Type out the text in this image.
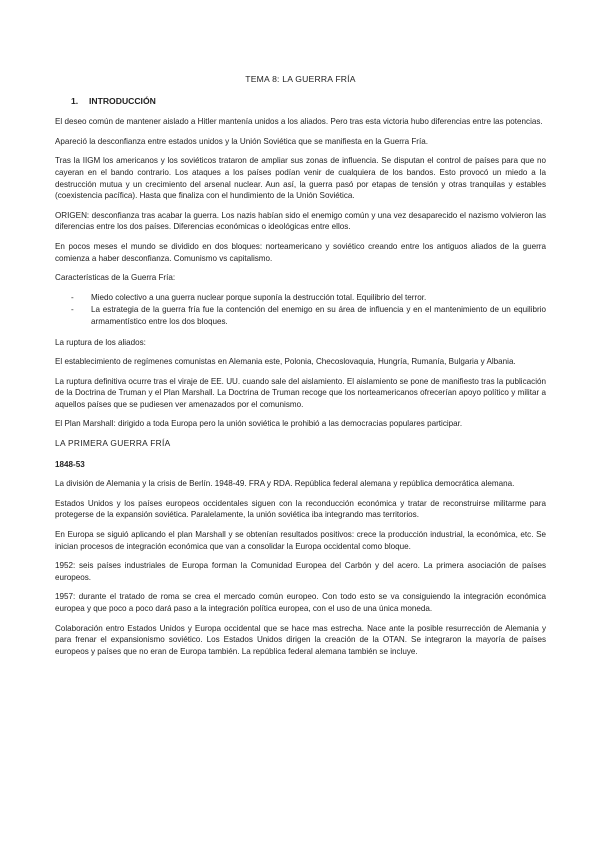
TEMA 8: LA GUERRA FRÍA
1. INTRODUCCIÓN

El deseo común de mantener aislado a Hitler mantenía unidos a los aliados. Pero tras esta victoria hubo diferencias entre las potencias.

Apareció la desconfianza entre estados unidos y la Unión Soviética que se manifiesta en la Guerra Fría.

Tras la IIGM los americanos y los soviéticos trataron de ampliar sus zonas de influencia. Se disputan el control de países para que no cayeran en el bando contrario. Los ataques a los países podían venir de cualquiera de los bandos. Esto provocó un miedo a la destrucción mutua y un crecimiento del arsenal nuclear. Aun así, la guerra pasó por etapas de tensión y otras tranquilas y estables (coexistencia pacífica). Hasta que finaliza con el hundimiento de la Unión Soviética.

ORIGEN: desconfianza tras acabar la guerra. Los nazis habían sido el enemigo común y una vez desaparecido el nazismo volvieron las diferencias entre los dos países. Diferencias económicas o ideológicas entre ellos.

En pocos meses el mundo se dividido en dos bloques: norteamericano y soviético creando entre los antiguos aliados de la guerra comienza a haber desconfianza. Comunismo vs capitalismo.

Características de la Guerra Fría:

- Miedo colectivo a una guerra nuclear porque suponía la destrucción total. Equilibrio del terror.
- La estrategia de la guerra fría fue la contención del enemigo en su área de influencia y en el mantenimiento de un equilibrio armamentístico entre los dos bloques.

La ruptura de los aliados:

El establecimiento de regímenes comunistas en Alemania este, Polonia, Checoslovaquia, Hungría, Rumanía, Bulgaria y Albania.

La ruptura definitiva ocurre tras el viraje de EE. UU. cuando sale del aislamiento. El aislamiento se pone de manifiesto tras la publicación de la Doctrina de Truman y el Plan Marshall. La Doctrina de Truman recoge que los norteamericanos ofrecerían apoyo político y militar a aquellos países que se pudiesen ver amenazados por el comunismo.

El Plan Marshall: dirigido a toda Europa pero la unión soviética le prohibió a las democracias populares participar.

LA PRIMERA GUERRA FRÍA

1848-53

La división de Alemania y la crisis de Berlín. 1948-49. FRA y RDA. República federal alemana y república democrática alemana.

Estados Unidos y los países europeos occidentales siguen con la reconducción económica y tratar de reconstruirse militarme para protegerse de la expansión soviética. Paralelamente, la unión soviética iba integrando mas territorios.

En Europa se siguió aplicando el plan Marshall y se obtenían resultados positivos: crece la producción industrial, la económica, etc. Se inician procesos de integración económica que van a consolidar la Europa occidental como bloque.

1952: seis países industriales de Europa forman la Comunidad Europea del Carbón y del acero. La primera asociación de países europeos.

1957: durante el tratado de roma se crea el mercado común europeo. Con todo esto se va consiguiendo la integración económica europea y que poco a poco dará paso a la integración política europea, con el uso de una única moneda.

Colaboración entro Estados Unidos y Europa occidental que se hace mas estrecha. Nace ante la posible resurrección de Alemania y para frenar el expansionismo soviético. Los Estados Unidos dirigen la creación de la OTAN. Se integraron la mayoría de países europeos y países que no eran de Europa también. La república federal alemana también se incluye.
